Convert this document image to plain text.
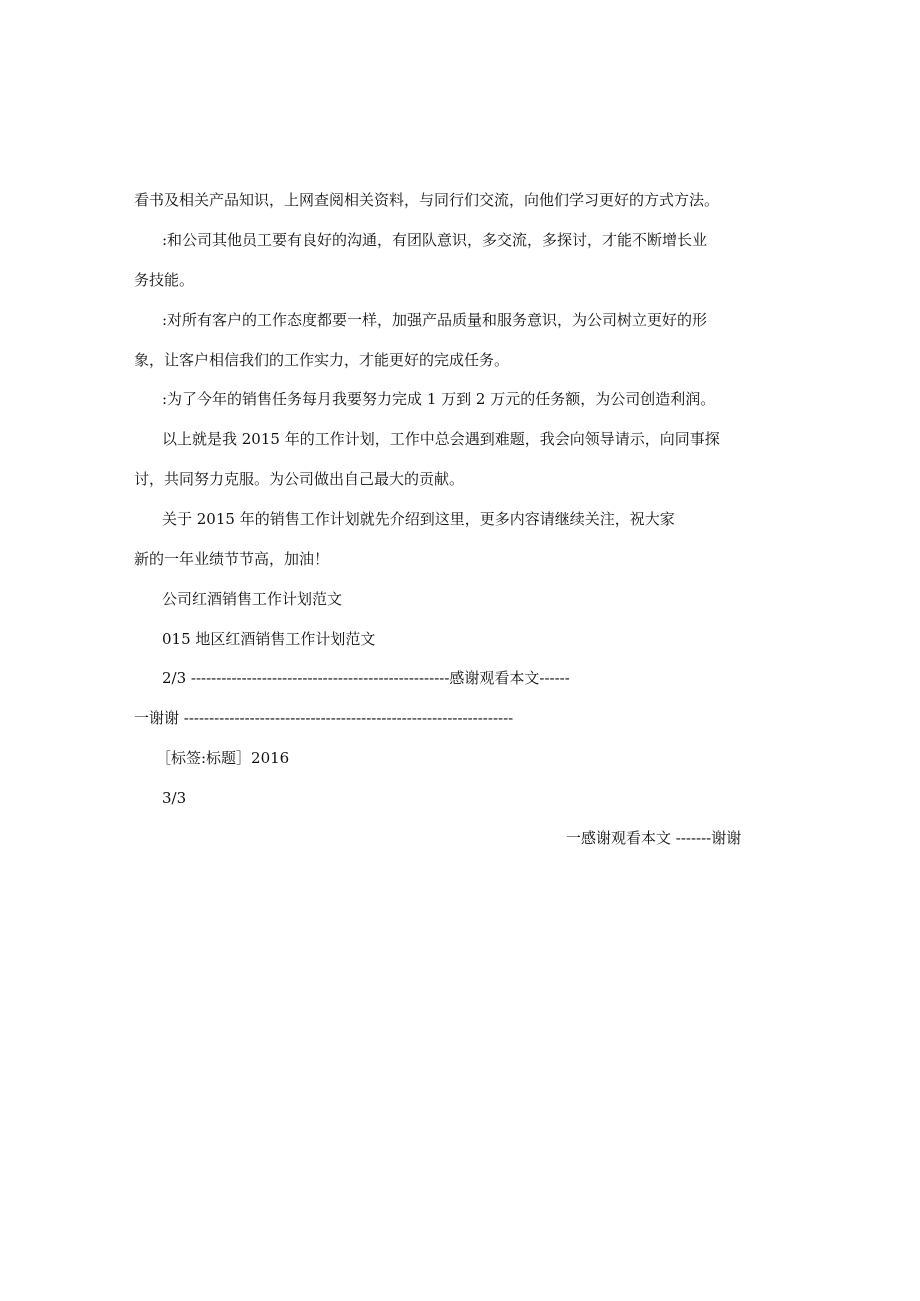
看书及相关产品知识，上网查阅相关资料，与同行们交流，向他们学习更好的方式方法。
:和公司其他员工要有良好的沟通，有团队意识，多交流，多探讨，才能不断增长业
务技能。
:对所有客户的工作态度都要一样，加强产品质量和服务意识，为公司树立更好的形
象，让客户相信我们的工作实力，才能更好的完成任务。
:为了今年的销售任务每月我要努力完成 1 万到 2 万元的任务额，为公司创造利润。
以上就是我 2015 年的工作计划，工作中总会遇到难题，我会向领导请示，向同事探
讨，共同努力克服。为公司做出自己最大的贡献。
关于 2015 年的销售工作计划就先介绍到这里，更多内容请继续关注，祝大家
新的一年业绩节节高，加油！
公司红酒销售工作计划范文
015 地区红酒销售工作计划范文
2/3 ---------------------------------------------------感谢观看本文------
一谢谢 -----------------------------------------------------------------
［标签:标题］2016
3/3
一感谢观看本文 -------谢谢
